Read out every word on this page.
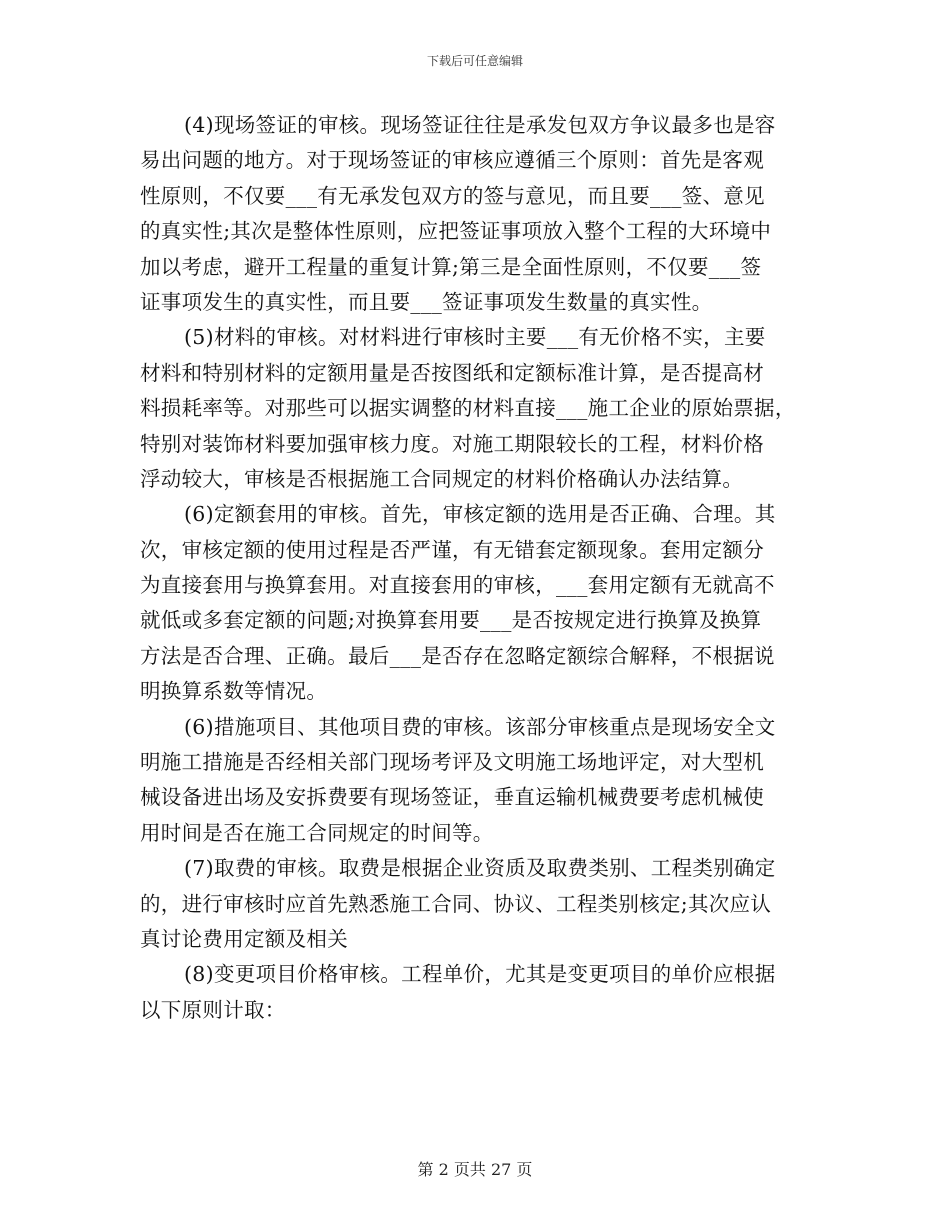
下载后可任意编辑
(4)现场签证的审核。现场签证往往是承发包双方争议最多也是容
易出问题的地方。对于现场签证的审核应遵循三个原则：首先是客观
性原则，不仅要___有无承发包双方的签与意见，而且要___签、意见
的真实性;其次是整体性原则，应把签证事项放入整个工程的大环境中
加以考虑，避开工程量的重复计算;第三是全面性原则，不仅要___签
证事项发生的真实性，而且要___签证事项发生数量的真实性。
(5)材料的审核。对材料进行审核时主要___有无价格不实，主要
材料和特别材料的定额用量是否按图纸和定额标准计算，是否提高材
料损耗率等。对那些可以据实调整的材料直接___施工企业的原始票据，
特别对装饰材料要加强审核力度。对施工期限较长的工程，材料价格
浮动较大，审核是否根据施工合同规定的材料价格确认办法结算。
(6)定额套用的审核。首先，审核定额的选用是否正确、合理。其
次，审核定额的使用过程是否严谨，有无错套定额现象。套用定额分
为直接套用与换算套用。对直接套用的审核，___套用定额有无就高不
就低或多套定额的问题;对换算套用要___是否按规定进行换算及换算
方法是否合理、正确。最后___是否存在忽略定额综合解释，不根据说
明换算系数等情况。
(6)措施项目、其他项目费的审核。该部分审核重点是现场安全文
明施工措施是否经相关部门现场考评及文明施工场地评定，对大型机
械设备进出场及安拆费要有现场签证，垂直运输机械费要考虑机械使
用时间是否在施工合同规定的时间等。
(7)取费的审核。取费是根据企业资质及取费类别、工程类别确定
的，进行审核时应首先熟悉施工合同、协议、工程类别核定;其次应认
真讨论费用定额及相关
(8)变更项目价格审核。工程单价，尤其是变更项目的单价应根据
以下原则计取：
第 2 页共 27 页
